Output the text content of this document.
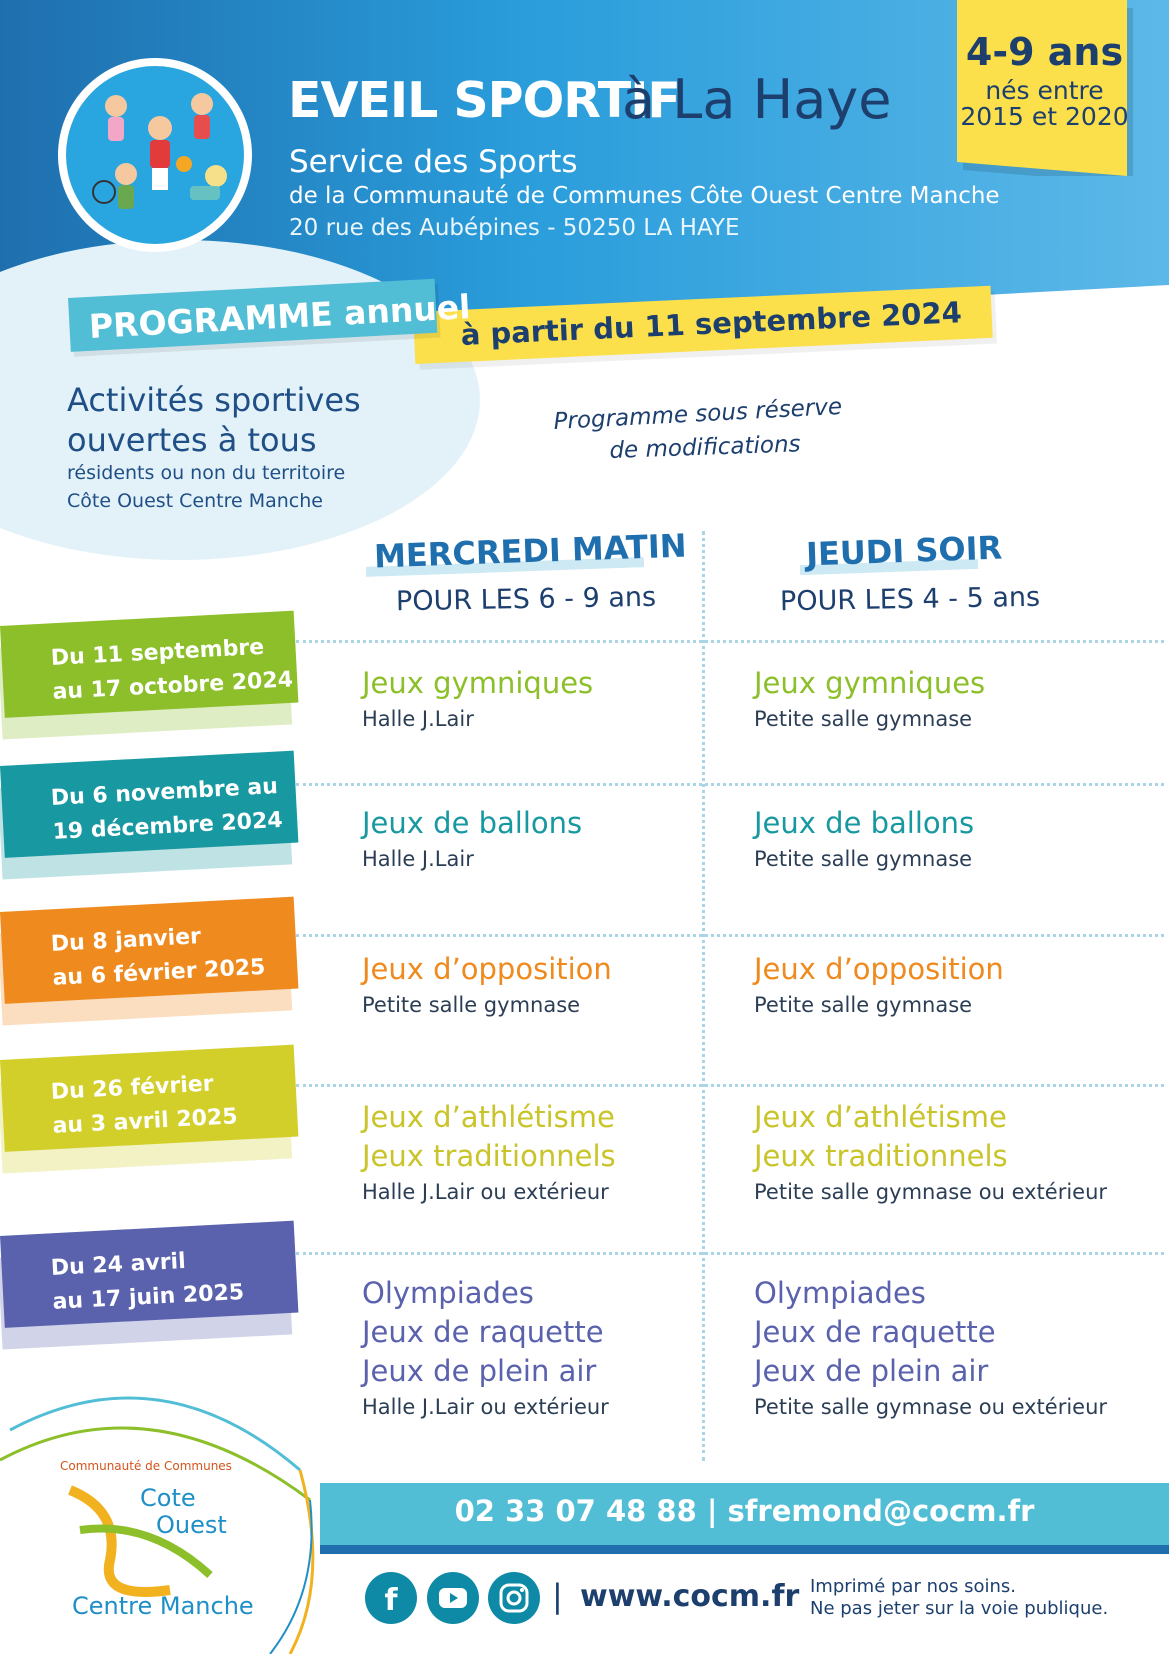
EVEIL SPORTIF
à La Haye
Service des Sports
de la Communauté de Communes Côte Ouest Centre Manche
20 rue des Aubépines - 50250 LA HAYE
4-9 ans
nés entre
2015 et 2020
à partir du 11 septembre 2024
PROGRAMME annuel
Activités sportives
ouvertes à tous
résidents ou non du territoire
Côte Ouest Centre Manche
Programme sous réserve
de modifications
MERCREDI MATIN
POUR LES 6 - 9 ans
JEUDI SOIR
POUR LES 4 - 5 ans
Du 11 septembre
au 17 octobre 2024
Du 6 novembre au
19 décembre 2024
Du 8 janvier
au 6 février 2025
Du 26 février
au 3 avril 2025
Du 24 avril
au 17 juin 2025
02 33 07 48 88 | sfremond@cocm.fr
f	| www.cocm.fr Imprimé par nos soins.
Ne pas jeter sur la voie publique.
Communauté de Communes
Cote
Ouest
Centre Manche
Jeux gymniques
Halle J.Lair
Jeux gymniques
Petite salle gymnase
Jeux de ballons
Halle J.Lair
Jeux de ballons
Petite salle gymnase
Jeux d’opposition
Petite salle gymnase
Jeux d’opposition
Petite salle gymnase
Jeux d’athlétisme
Jeux traditionnels
Halle J.Lair ou extérieur
Jeux d’athlétisme
Jeux traditionnels
Petite salle gymnase ou extérieur
Olympiades
Jeux de raquette
Jeux de plein air
Halle J.Lair ou extérieur
Olympiades
Jeux de raquette
Jeux de plein air
Petite salle gymnase ou extérieur
